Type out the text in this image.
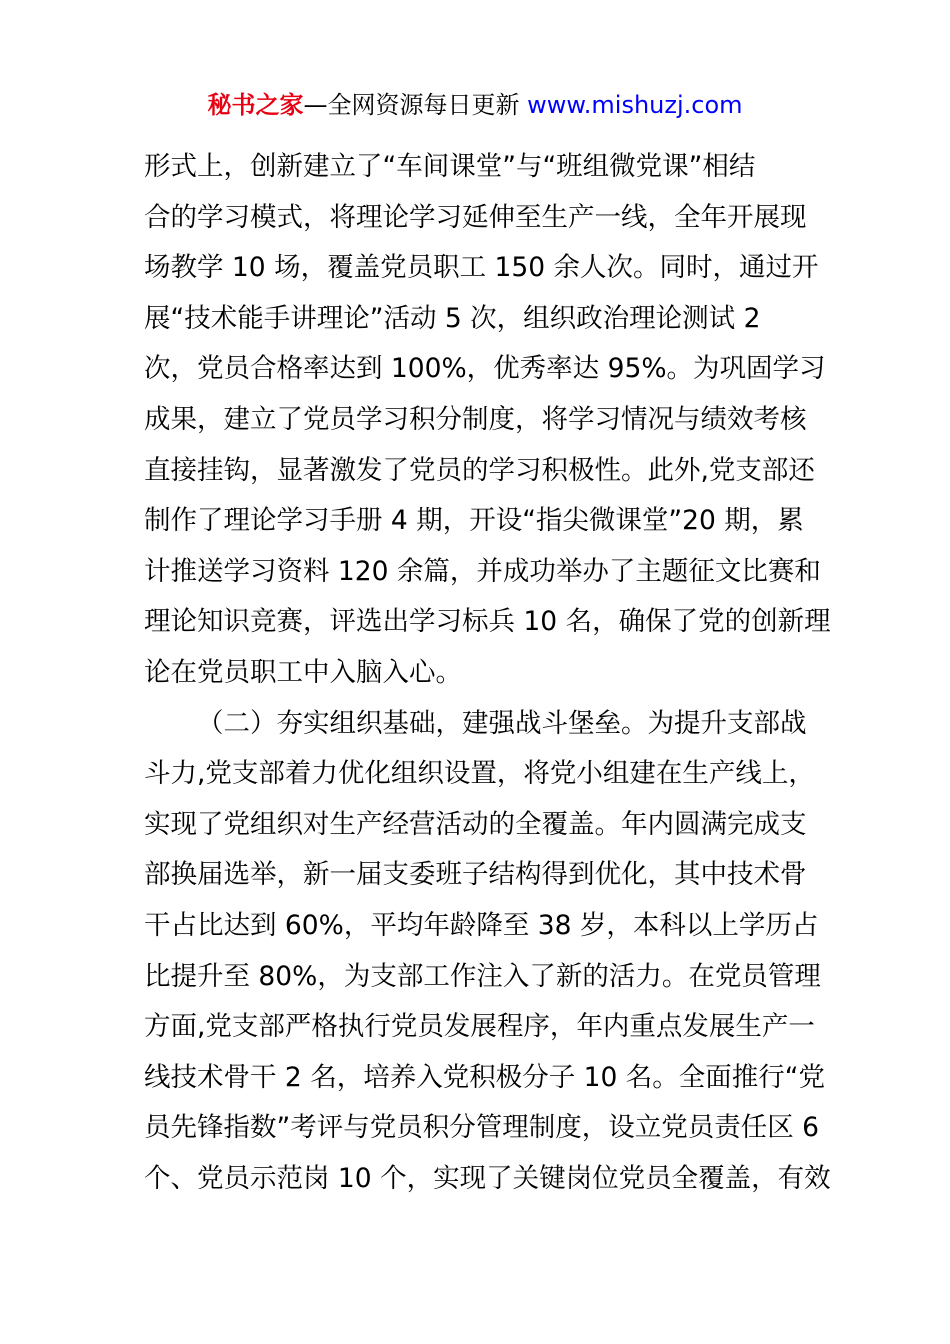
秘书之家—全网资源每日更新 www.mishuzj.com
形式上，创新建立了“车间课堂”与“班组微党课”相结
合的学习模式，将理论学习延伸至生产一线，全年开展现
场教学 10 场，覆盖党员职工 150 余人次。同时，通过开
展“技术能手讲理论”活动 5 次，组织政治理论测试 2
次，党员合格率达到 100%，优秀率达 95%。为巩固学习
成果，建立了党员学习积分制度，将学习情况与绩效考核
直接挂钩，显著激发了党员的学习积极性。此外,党支部还
制作了理论学习手册 4 期，开设“指尖微课堂”20 期，累
计推送学习资料 120 余篇，并成功举办了主题征文比赛和
理论知识竞赛，评选出学习标兵 10 名，确保了党的创新理
论在党员职工中入脑入心。
（二）夯实组织基础，建强战斗堡垒。为提升支部战
斗力,党支部着力优化组织设置，将党小组建在生产线上，
实现了党组织对生产经营活动的全覆盖。年内圆满完成支
部换届选举，新一届支委班子结构得到优化，其中技术骨
干占比达到 60%，平均年龄降至 38 岁，本科以上学历占
比提升至 80%，为支部工作注入了新的活力。在党员管理
方面,党支部严格执行党员发展程序，年内重点发展生产一
线技术骨干 2 名，培养入党积极分子 10 名。全面推行“党
员先锋指数”考评与党员积分管理制度，设立党员责任区 6
个、党员示范岗 10 个，实现了关键岗位党员全覆盖，有效
